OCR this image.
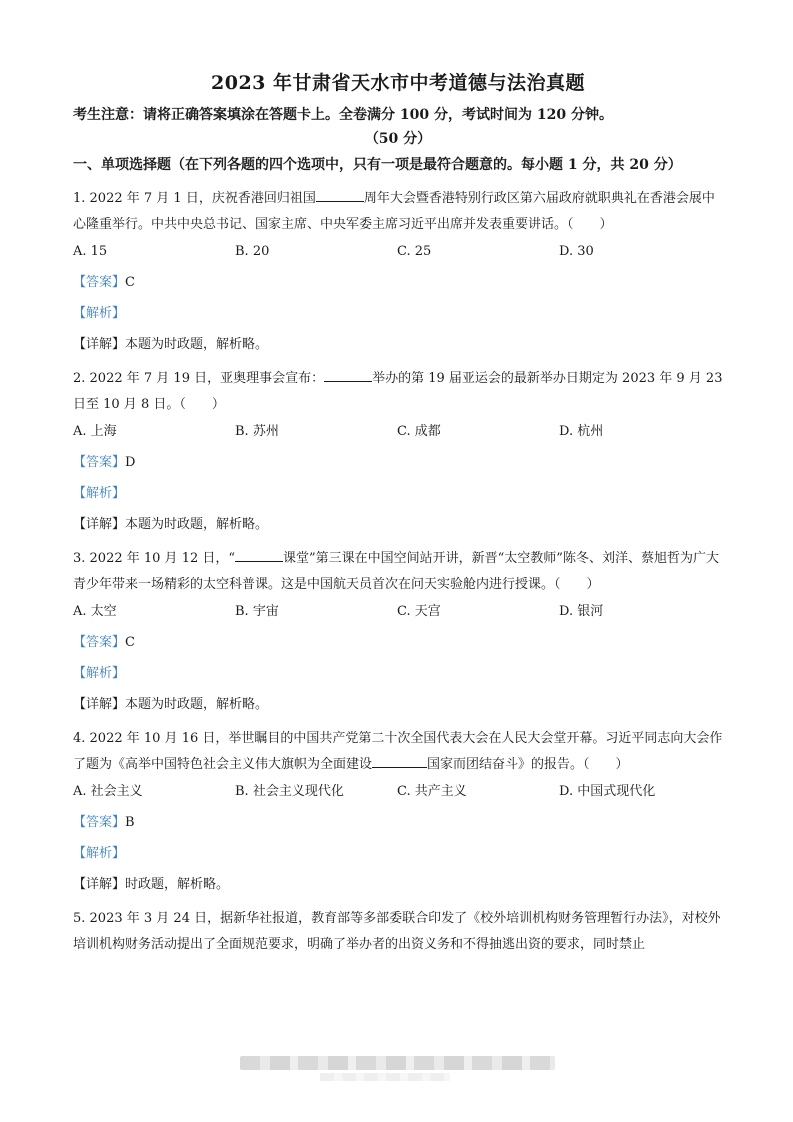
2023 年甘肃省天水市中考道德与法治真题
考生注意：请将正确答案填涂在答题卡上。全卷满分 100 分，考试时间为 120 分钟。
（50 分）
一、单项选择题（在下列各题的四个选项中，只有一项是最符合题意的。每小题 1 分，共 20 分）
1. 2022 年 7 月 1 日，庆祝香港回归祖国	周年大会暨香港特别行政区第六届政府就职典礼在香港会展中心隆重举行。中共中央总书记、国家主席、中央军委主席习近平出席并发表重要讲话。（　　）
A. 15	B. 20	C. 25	D. 30
【答案】C
【解析】
【详解】本题为时政题，解析略。
2. 2022 年 7 月 19 日，亚奥理事会宣布：	举办的第 19 届亚运会的最新举办日期定为 2023 年 9 月 23 日至 10 月 8 日。（　　）
A. 上海	B. 苏州	C. 成都	D. 杭州
【答案】D
【解析】
【详解】本题为时政题，解析略。
3. 2022 年 10 月 12 日，“	课堂”第三课在中国空间站开讲，新晋“太空教师”陈冬、刘洋、蔡旭哲为广大青少年带来一场精彩的太空科普课。这是中国航天员首次在问天实验舱内进行授课。（　　）
A. 太空	B. 宇宙	C. 天宫	D. 银河
【答案】C
【解析】
【详解】本题为时政题，解析略。
4. 2022 年 10 月 16 日，举世瞩目的中国共产党第二十次全国代表大会在人民大会堂开幕。习近平同志向大会作了题为《高举中国特色社会主义伟大旗帜为全面建设	国家而团结奋斗》的报告。（　　）
A. 社会主义	B. 社会主义现代化	C. 共产主义	D. 中国式现代化
【答案】B
【解析】
【详解】时政题，解析略。
5. 2023 年 3 月 24 日，据新华社报道，教育部等多部委联合印发了《校外培训机构财务管理暂行办法》，对校外培训机构财务活动提出了全面规范要求，明确了举办者的出资义务和不得抽逃出资的要求，同时禁止
